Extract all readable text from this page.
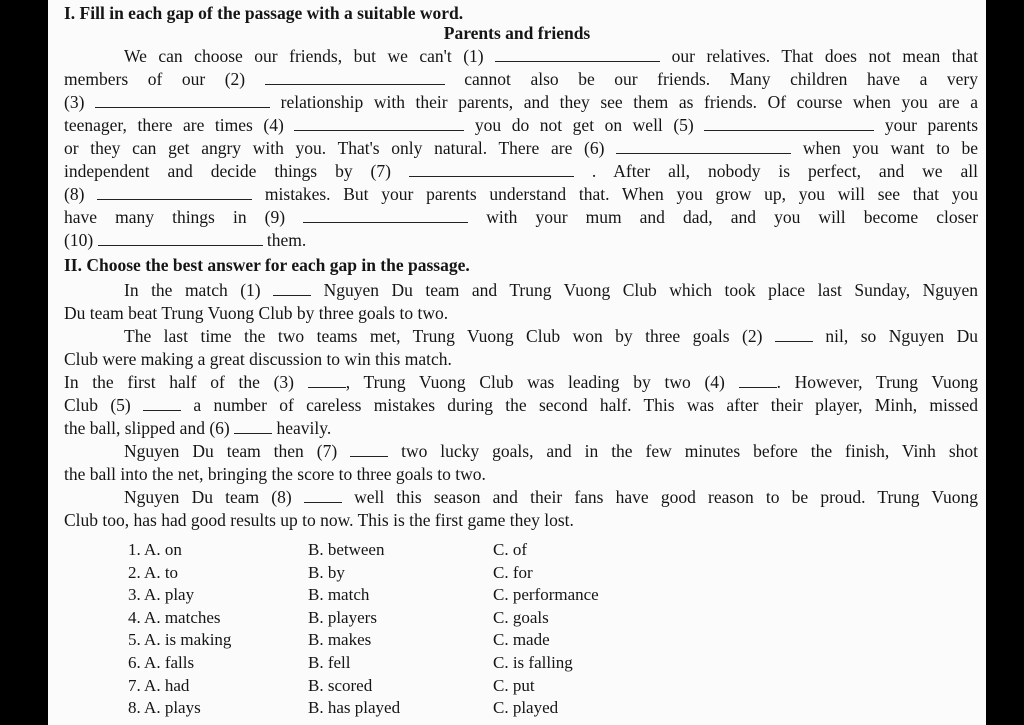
I. Fill in each gap of the passage with a suitable word.
Parents and friends
We can choose our friends, but we can't (1)	our relatives. That does not mean that
members of our (2)	cannot also be our friends. Many children have a very
(3)	relationship with their parents, and they see them as friends. Of course when you are a
teenager, there are times (4)	you do not get on well (5)	your parents
or they can get angry with you. That's only natural. There are (6)	when you want to be
independent and decide things by (7)	. After all, nobody is perfect, and we all
(8)	mistakes. But your parents understand that. When you grow up, you will see that you
have many things in (9)	with your mum and dad, and you will become closer
(10)	them.
II. Choose the best answer for each gap in the passage.
In the match (1)	Nguyen Du team and Trung Vuong Club which took place last Sunday, Nguyen
Du team beat Trung Vuong Club by three goals to two.
The last time the two teams met, Trung Vuong Club won by three goals (2)	nil, so Nguyen Du
Club were making a great discussion to win this match.
In the first half of the (3)	, Trung Vuong Club was leading by two (4)	. However, Trung Vuong
Club (5)	a number of careless mistakes during the second half. This was after their player, Minh, missed
the ball, slipped and (6)	heavily.
Nguyen Du team then (7)	two lucky goals, and in the few minutes before the finish, Vinh shot
the ball into the net, bringing the score to three goals to two.
Nguyen Du team (8)	well this season and their fans have good reason to be proud. Trung Vuong
Club too, has had good results up to now. This is the first game they lost.
1. A. on	B. between	C. of
2. A. to	B. by	C. for
3. A. play	B. match	C. performance
4. A. matches	B. players	C. goals
5. A. is making	B. makes	C. made
6. A. falls	B. fell	C. is falling
7. A. had	B. scored	C. put
8. A. plays	B. has played	C. played
